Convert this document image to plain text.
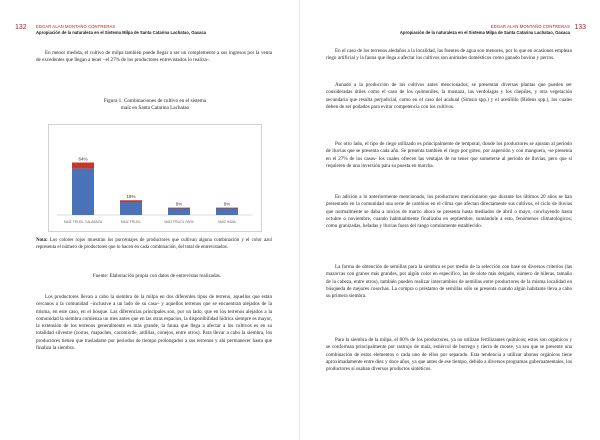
132 EDGAR ALAN MONTAÑO CONTRERAS
Apropiación de la naturaleza en el Sistema Milpa de Santa Catarina Lachatao, Oaxaca

En menor medida, el cultivo de milpa también puede llegar a ser un complemento a sus ingresos por la venta de excedentes que llegan a tener –el 27% de los productores entrevistados lo realiza–.

Figura 1. Combinaciones de cultivo en el sistema
maíz en Santa Catarina Lachatao
64%
MAÍZ FRIJOL CALABAZA
18%
MAÍZ FRIJOL
9%
MAÍZ FRIJOL PAPA
9%
MAÍZ HABA

Nota: Los colores rojos muestran los porcentajes de productores que cultivan alguna combinación y el color azul representa el número de productores que lo hacen en cada combinación, del total de entrevistados.

Fuente: Elaboración propia con datos de entrevistas realizadas.

Los productores llevan a cabo la siembra de la milpa en dos diferentes tipos de terreno, aquellos que están cercanos a la comunidad –inclusive a un lado de su casa– y aquellos terrenos que se encuentran alejados de la misma, en este caso, en el bosque. Las diferencias principales son, por un lado, que en los terrenos alejados a la comunidad la siembra comienza un mes antes que en las otras espacios, la disponibilidad hídrica siempre es mayor, la extensión de los terrenos generalmente es más grande, la fauna que llega a afectar a los cultivos es en su totalidad silvestre (zorras, mapaches, cacomixtle, ardillas, conejos, entre otros). Para llevar a cabo la siembra, los productores tienen que trasladarse por periodos de tiempo prolongados a sus terrenos y ahí permanecer hasta que finaliza la siembra.

133
EDGAR ALAN MONTAÑO CONTRERAS
Apropiación de la naturaleza en el Sistema Milpa de Santa Catarina Lachatao, Oaxaca

En el caso de los terrenos aledaños a la localidad, las fuentes de agua son menores, por lo que en ocasiones emplean riego artificial y la fauna que llega a afectar los cultivos son animales domésticos como ganado bovino y perros.

Aunado a la producción de los cultivos antes mencionados, se presentan diversas plantas que pueden ser consideradas útiles como el caso de los quintoniles, la mostaza, las verdolagas y los chepiles, y otra vegetación secundaria que resulta perjudicial, como en el caso del acahual (Simsia spp.) y el acetilillo (Bidens spp.), los cuales deben de ser podados para evitar competencia con los cultivos.

Por otro lado, el tipo de riego utilizado es principalmente de temporal, donde los productores se ajustan al periodo de lluvias que se presenta cada año. Se presenta también el riego por goteo, por aspersión y con manguera, -se presenta en el 27% de los casos- los cuales ofrecen las ventajas de no tener que someterse al periodo de lluvias, pero que sí requieren de una inversión para su puesta en marcha.

En adición a lo anteriormente mencionado, los productores mencionaron que durante los últimos 20 años se han presentado en la comunidad una serie de cambios en el clima que afectan directamente sus cultivos, el ciclo de lluvias que normalmente se daba a inicios de marzo ahora se presenta hasta mediados de abril o mayo, concluyendo hasta octubre o noviembre, cuando habitualmente finalizaba en septiembre, sumándole a esto, fenómenos climatológicos; como granizadas, heladas y lluvias fuera del rango comúnmente establecido.

La forma de obtención de semillas para la siembra es por medio de la selección con base en diversos criterios (las mazorcas con granos más grandes, por algún color en específico, las de olote más delgado, número de hileras, tamaño de la cabeza, entre otros), también pueden realizar intercambios de semillas entre productores de la misma localidad en búsqueda de mejores cosechas. La compra o préstamo de semillas sólo se presenta cuando algún habitante lleva a cabo su primera siembra.

Para la siembra de la milpa, el 80% de los productores, ya no utilizan fertilizantes químicos; estos son orgánicos y se conforman principalmente por rastrojo de maíz, estiércol de borrego y tierra de monte, ya sea que se presente una combinación de estos elementos o cada uno de ellos por separado. Esta tendencia a utilizar abonos orgánicos tiene aproximadamente entre diez y doce años, ya que antes de ese tiempo, debido a diversos programas gubernamentales, los productores sí usaban diversos productos sintéticos.
